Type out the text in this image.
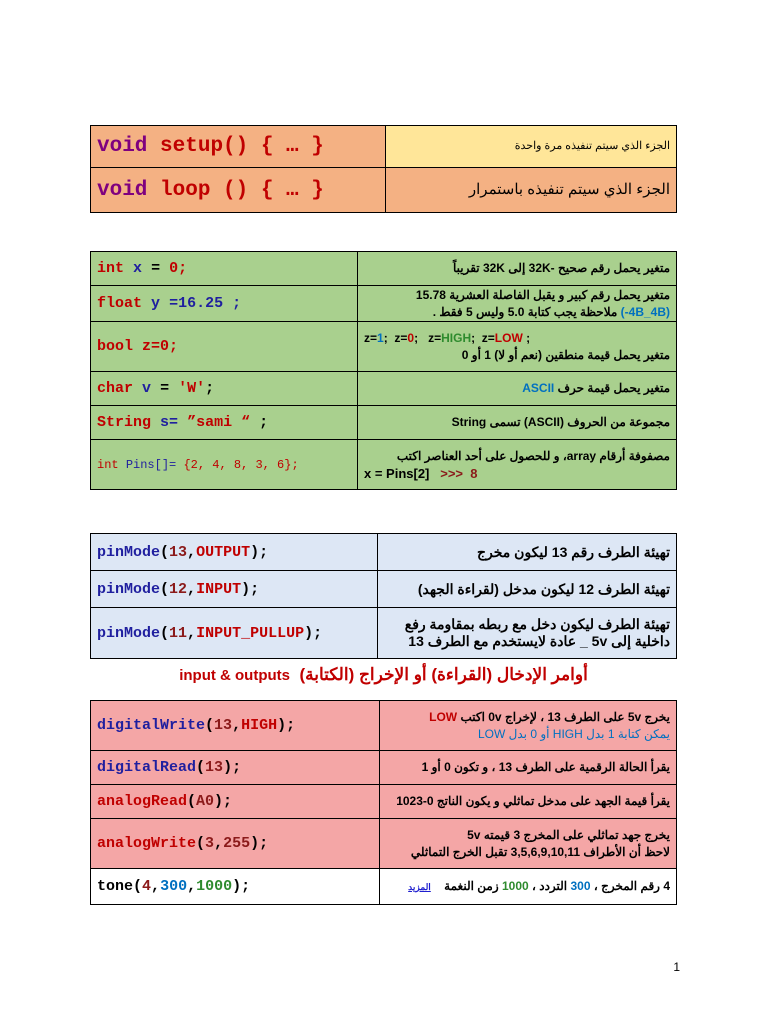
void setup() { … }	الجزء الذي سيتم تنفيذه مرة واحدة
void loop () { … }	الجزء الذي سيتم تنفيذه باستمرار
int x = 0;	متغير يحمل رقم صحيح -32K إلى 32K تقريباً
float y =16.25 ;	متغير يحمل رقم كبير و يقبل الفاصلة العشرية 15.78
(4B_4B-) ملاحظة يجب كتابة 5.0 وليس 5 فقط .

bool z=0;	z=1; z=0; z=HIGH; z=LOW ;
متغير يحمل قيمة منطقين (نعم أو لا) 1 أو 0

char v = 'W';	متغير يحمل قيمة حرف ASCII
String s= ”sami “ ;	مجموعة من الحروف (ASCII) تسمى String
int Pins[]= {2, 4, 8, 3, 6};	مصفوفة أرقام array، و للحصول على أحد العناصر اكتب
x = Pins[2] >>> 8
pinMode(13,OUTPUT);	تهيئة الطرف رقم 13 ليكون مخرج
pinMode(12,INPUT);	تهيئة الطرف 12 ليكون مدخل (لقراءة الجهد)
pinMode(11,INPUT_PULLUP);	تهيئة الطرف ليكون دخل مع ربطه بمقاومة رفع
داخلية إلى 5v _ عادة لايستخدم مع الطرف 13
أوامر الإدخال (القراءة) أو الإخراج (الكتابة)  input & outputs
digitalWrite(13,HIGH);	يخرج 5v على الطرف 13 ، لإخراج 0v اكتب LOW
يمكن كتابة 1 بدل HIGH أو 0 بدل LOW

digitalRead(13);	يقرأ الحالة الرقمية على الطرف 13 ، و تكون 0 أو 1
analogRead(A0);	يقرأ قيمة الجهد على مدخل تماثلي و يكون الناتج 0-1023
analogWrite(3,255);	يخرج جهد تماثلي على المخرج 3 قيمته 5v
لاحظ أن الأطراف 3,5,6,9,10,11 تقبل الخرج التماثلي

tone(4,300,1000);	4 رقم المخرج ، 300 التردد ، 1000 زمن النغمة    المزيد
1
